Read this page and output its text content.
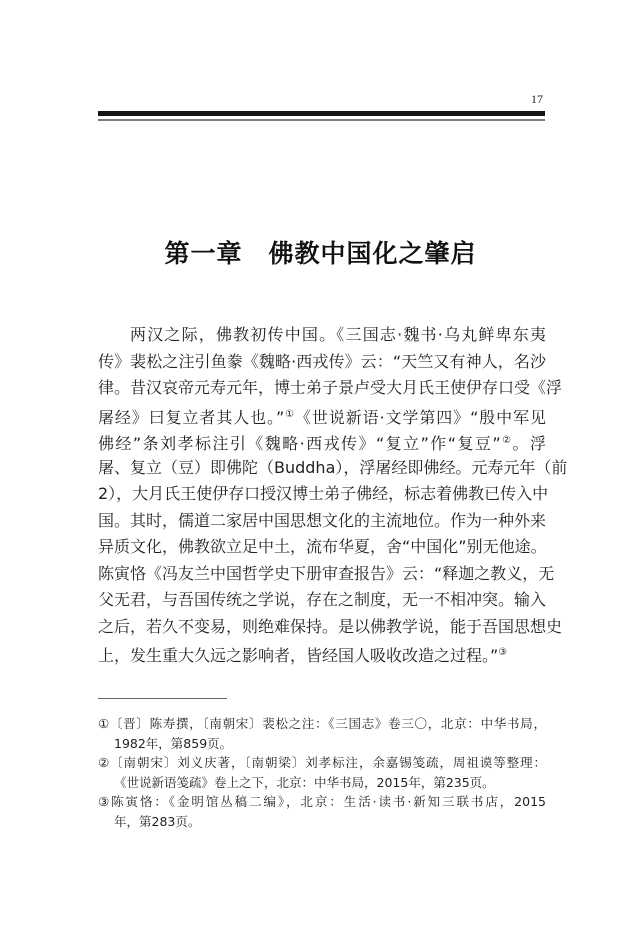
17
第一章 佛教中国化之肇启
两汉之际，佛教初传中国。《三国志·魏书·乌丸鲜卑东夷
传》裴松之注引鱼豢《魏略·西戎传》云：“天竺又有神人，名沙
律。昔汉哀帝元寿元年，博士弟子景卢受大月氏王使伊存口受《浮
屠经》曰复立者其人也。”①《世说新语·文学第四》“殷中军见
佛经”条刘孝标注引《魏略·西戎传》“复立”作“复豆”②。浮
屠、复立（豆）即佛陀（Buddha），浮屠经即佛经。元寿元年（前
2），大月氏王使伊存口授汉博士弟子佛经，标志着佛教已传入中
国。其时，儒道二家居中国思想文化的主流地位。作为一种外来
异质文化，佛教欲立足中土，流布华夏，舍“中国化”别无他途。
陈寅恪《冯友兰中国哲学史下册审查报告》云：“释迦之教义，无
父无君，与吾国传统之学说，存在之制度，无一不相冲突。输入
之后，若久不变易，则绝难保持。是以佛教学说，能于吾国思想史
上，发生重大久远之影响者，皆经国人吸收改造之过程。”③
①〔晋〕陈寿撰，〔南朝宋〕裴松之注：《三国志》卷三〇，北京：中华书局，
1982年，第859页。
②〔南朝宋〕刘义庆著，〔南朝梁〕刘孝标注，余嘉锡笺疏，周祖谟等整理：
《世说新语笺疏》卷上之下，北京：中华书局，2015年，第235页。
③陈寅恪：《金明馆丛稿二编》，北京：生活·读书·新知三联书店，2015
年，第283页。
